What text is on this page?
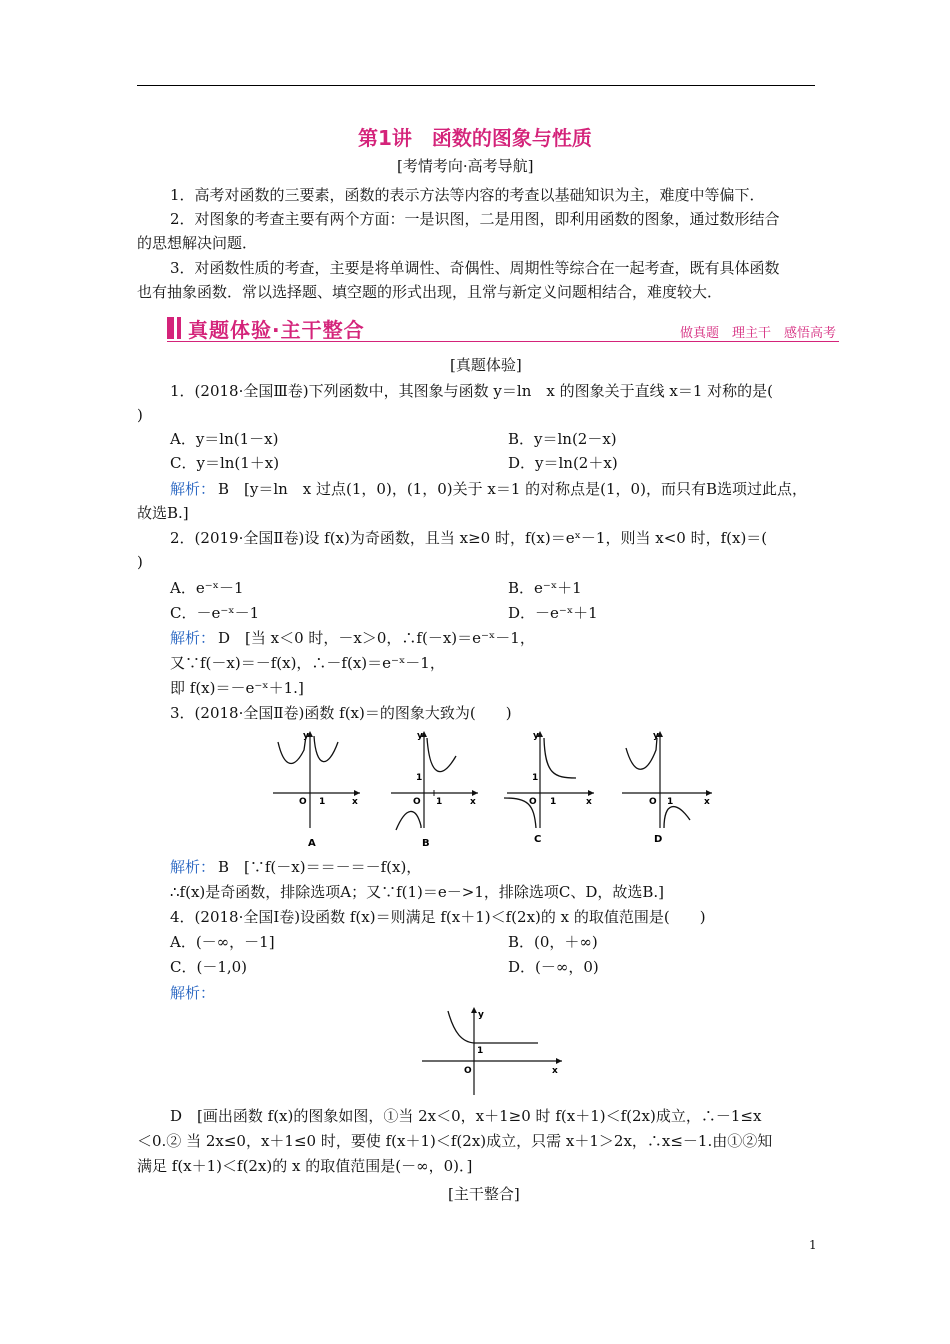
第1讲　函数的图象与性质
[考情考向·高考导航]
1．高考对函数的三要素，函数的表示方法等内容的考查以基础知识为主，难度中等偏下．
2．对图象的考查主要有两个方面：一是识图，二是用图，即利用函数的图象，通过数形结合
的思想解决问题．
3．对函数性质的考查，主要是将单调性、奇偶性、周期性等综合在一起考查，既有具体函数
也有抽象函数．常以选择题、填空题的形式出现，且常与新定义问题相结合，难度较大．
真题体验·主干整合	做真题　理主干　感悟高考
[真题体验]
1．(2018·全国Ⅲ卷)下列函数中，其图象与函数 y＝ln　x 的图象关于直线 x＝1 对称的是(
)
A．y＝ln(1－x)	B．y＝ln(2－x)
C．y＝ln(1＋x)	D．y＝ln(2＋x)
解析： B　[y＝ln　x 过点(1，0)，(1，0)关于 x＝1 的对称点是(1，0)，而只有B选项过此点，
故选B.]
2．(2019·全国Ⅱ卷)设 f(x)为奇函数，且当 x≥0 时，f(x)＝eˣ－1，则当 x<0 时，f(x)＝(
)
A．e⁻ˣ－1	B．e⁻ˣ＋1
C．－e⁻ˣ－1	D．－e⁻ˣ＋1
解析： D　[当 x＜0 时，－x＞0，∴f(－x)＝e⁻ˣ－1，
又∵f(－x)＝－f(x)，∴－f(x)＝e⁻ˣ－1，
即 f(x)＝－e⁻ˣ＋1.]
3．(2018·全国Ⅱ卷)函数 f(x)＝的图象大致为(　　)
y
x
O 1
A
y
x
O
1
1
B
y
x
O
1
1
C
y
x
O 1
D
解析： B　[∵f(－x)＝＝－＝－f(x)，
∴f(x)是奇函数，排除选项A；又∵f(1)＝e－>1，排除选项C、D，故选B.]
4．(2018·全国Ⅰ卷)设函数 f(x)＝则满足 f(x＋1)＜f(2x)的 x 的取值范围是(　　)
A．(－∞，－1]	B．(0，＋∞)
C．(－1,0)	D．(－∞，0)
解析：
y
x
O
1
D　[画出函数 f(x)的图象如图，①当 2x＜0，x＋1≥0 时 f(x＋1)＜f(2x)成立，∴－1≤x
＜0.② 当 2x≤0，x＋1≤0 时，要使 f(x＋1)＜f(2x)成立，只需 x＋1＞2x，∴x≤－1.由①②知
满足 f(x＋1)＜f(2x)的 x 的取值范围是(－∞，0)．]
[主干整合]
1
